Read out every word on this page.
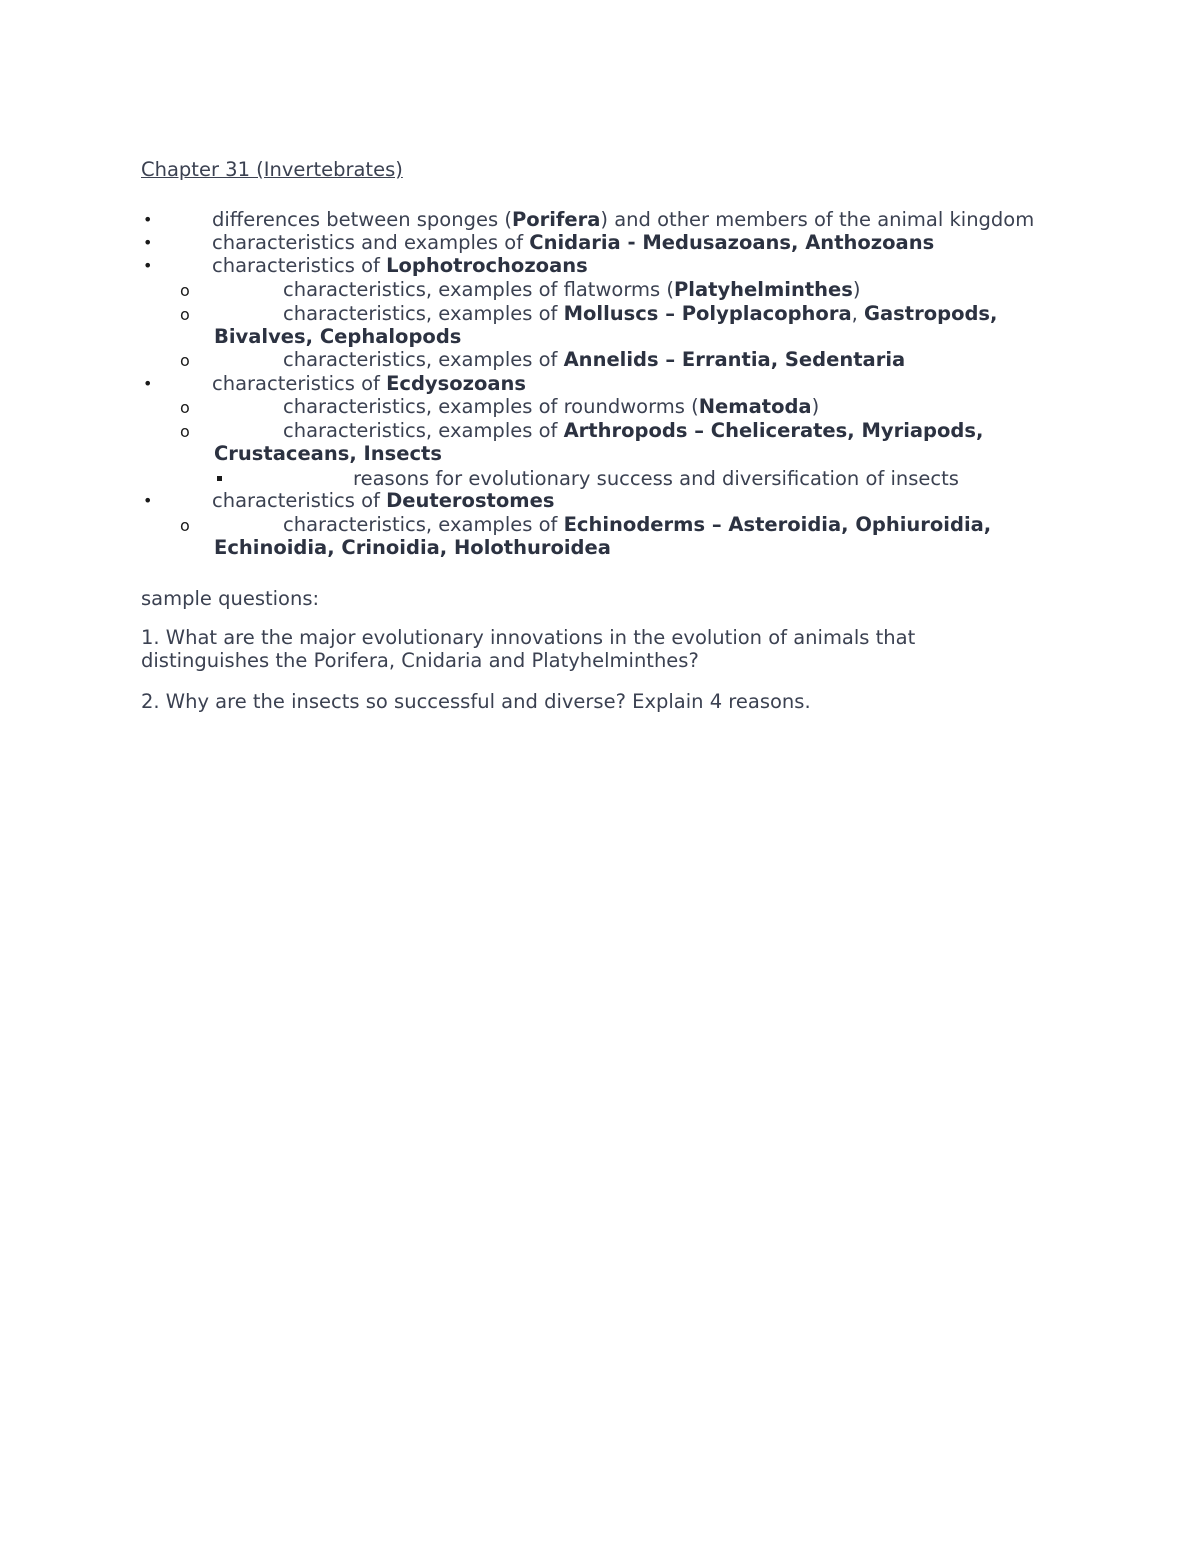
Chapter 31 (Invertebrates)
•	differences between sponges (Porifera) and other members of the animal kingdom
•	characteristics and examples of Cnidaria - Medusazoans, Anthozoans
•	characteristics of Lophotrochozoans
o	characteristics, examples of flatworms (Platyhelminthes)
o	characteristics, examples of Molluscs – Polyplacophora, Gastropods,
Bivalves, Cephalopods
o	characteristics, examples of Annelids – Errantia, Sedentaria
•	characteristics of Ecdysozoans
o	characteristics, examples of roundworms (Nematoda)
o	characteristics, examples of Arthropods – Chelicerates, Myriapods,
Crustaceans, Insects
reasons for evolutionary success and diversification of insects
•	characteristics of Deuterostomes
o	characteristics, examples of Echinoderms – Asteroidia, Ophiuroidia,
Echinoidia, Crinoidia, Holothuroidea
sample questions:
1. What are the major evolutionary innovations in the evolution of animals that
distinguishes the Porifera, Cnidaria and Platyhelminthes?
2. Why are the insects so successful and diverse? Explain 4 reasons.
